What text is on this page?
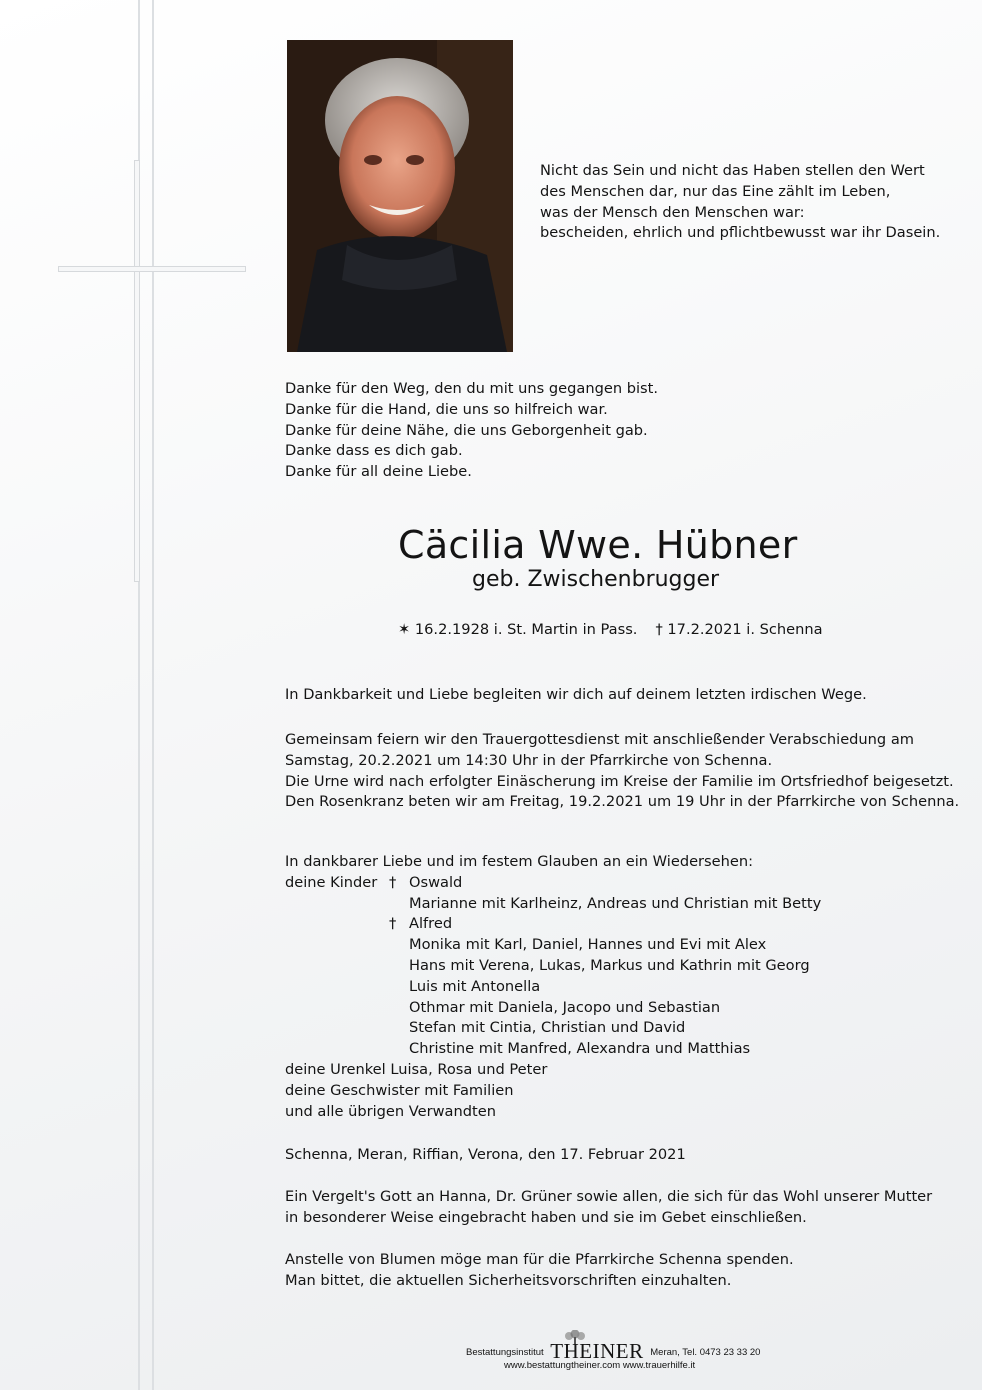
Nicht das Sein und nicht das Haben stellen den Wert
des Menschen dar, nur das Eine zählt im Leben,
was der Mensch den Menschen war:
bescheiden, ehrlich und pflichtbewusst war ihr Dasein.
Danke für den Weg, den du mit uns gegangen bist.
Danke für die Hand, die uns so hilfreich war.
Danke für deine Nähe, die uns Geborgenheit gab.
Danke dass es dich gab.
Danke für all deine Liebe.
Cäcilia Wwe. Hübner
geb. Zwischenbrugger
✶ 16.2.1928 i. St. Martin in Pass. † 17.2.2021 i. Schenna
In Dankbarkeit und Liebe begleiten wir dich auf deinem letzten irdischen Wege.
Gemeinsam feiern wir den Trauergottesdienst mit anschließender Verabschiedung am
Samstag, 20.2.2021 um 14:30 Uhr in der Pfarrkirche von Schenna.
Die Urne wird nach erfolgter Einäscherung im Kreise der Familie im Ortsfriedhof beigesetzt.
Den Rosenkranz beten wir am Freitag, 19.2.2021 um 19 Uhr in der Pfarrkirche von Schenna.
In dankbarer Liebe und im festem Glauben an ein Wiedersehen:
deine Kinder † Oswald
Marianne mit Karlheinz, Andreas und Christian mit Betty
† Alfred
Monika mit Karl, Daniel, Hannes und Evi mit Alex
Hans mit Verena, Lukas, Markus und Kathrin mit Georg
Luis mit Antonella
Othmar mit Daniela, Jacopo und Sebastian
Stefan mit Cintia, Christian und David
Christine mit Manfred, Alexandra und Matthias
deine Urenkel Luisa, Rosa und Peter
deine Geschwister mit Familien
und alle übrigen Verwandten
Schenna, Meran, Riffian, Verona, den 17. Februar 2021
Ein Vergelt's Gott an Hanna, Dr. Grüner sowie allen, die sich für das Wohl unserer Mutter
in besonderer Weise eingebracht haben und sie im Gebet einschließen.
Anstelle von Blumen möge man für die Pfarrkirche Schenna spenden.
Man bittet, die aktuellen Sicherheitsvorschriften einzuhalten.
Bestattungsinstitut THEINER Meran, Tel. 0473 23 33 20
www.bestattungtheiner.com www.trauerhilfe.it
